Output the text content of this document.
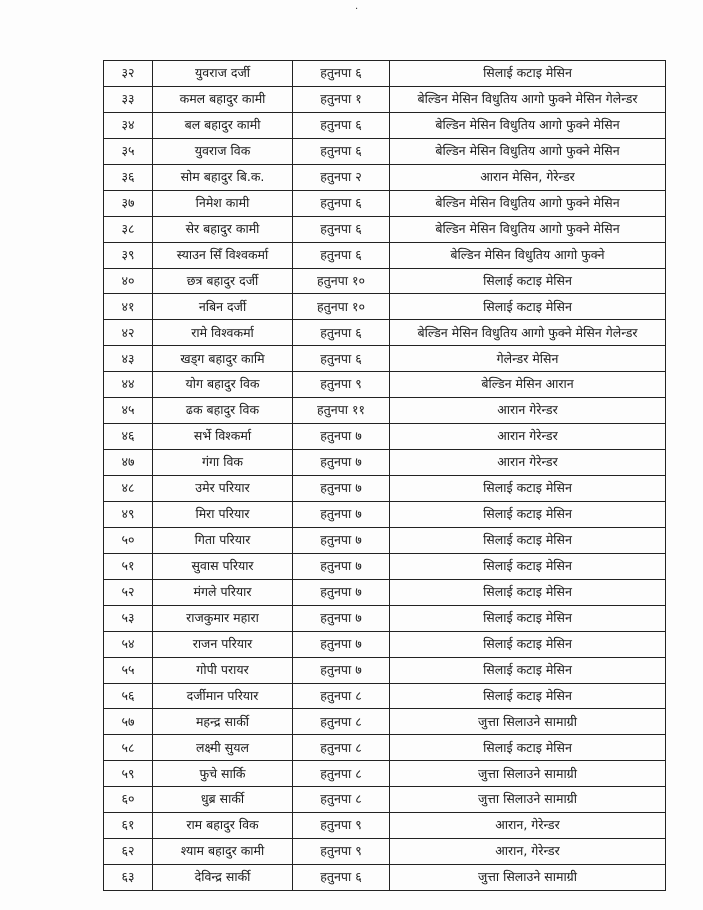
·
३२	युवराज दर्जी	हतुनपा ६	सिलाई कटाइ मेसिन
३३	कमल बहादुर कामी	हतुनपा १	बेल्डिन मेसिन विधुतिय आगो फुक्ने मेसिन गेलेन्डर
३४	बल बहादुर कामी	हतुनपा ६	बेल्डिन मेसिन विधुतिय आगो फुक्ने मेसिन
३५	युवराज विक	हतुनपा ६	बेल्डिन मेसिन विधुतिय आगो फुक्ने मेसिन
३६	सोम बहादुर बि.क.	हतुनपा २	आरान मेसिन, गेरेन्डर
३७	निमेश कामी	हतुनपा ६	बेल्डिन मेसिन विधुतिय आगो फुक्ने मेसिन
३८	सेर बहादुर कामी	हतुनपा ६	बेल्डिन मेसिन विधुतिय आगो फुक्ने मेसिन
३९	स्याउन सिँ विश्वकर्मा	हतुनपा ६	बेल्डिन मेसिन विधुतिय आगो फुक्ने
४०	छत्र बहादुर दर्जी	हतुनपा १०	सिलाई कटाइ मेसिन
४१	नबिन दर्जी	हतुनपा १०	सिलाई कटाइ मेसिन
४२	रामे विश्वकर्मा	हतुनपा ६	बेल्डिन मेसिन विधुतिय आगो फुक्ने मेसिन गेलेन्डर
४३	खड्ग बहादुर कामि	हतुनपा ६	गेलेन्डर मेसिन
४४	योग बहादुर विक	हतुनपा ९	बेल्डिन मेसिन आरान
४५	ढक बहादुर विक	हतुनपा ११	आरान गेरेन्डर
४६	सर्भे विश्कर्मा	हतुनपा ७	आरान गेरेन्डर
४७	गंगा विक	हतुनपा ७	आरान गेरेन्डर
४८	उमेर परियार	हतुनपा ७	सिलाई कटाइ मेसिन
४९	मिरा परियार	हतुनपा ७	सिलाई कटाइ मेसिन
५०	गिता परियार	हतुनपा ७	सिलाई कटाइ मेसिन
५१	सुवास परियार	हतुनपा ७	सिलाई कटाइ मेसिन
५२	मंगले परियार	हतुनपा ७	सिलाई कटाइ मेसिन
५३	राजकुमार महारा	हतुनपा ७	सिलाई कटाइ मेसिन
५४	राजन परियार	हतुनपा ७	सिलाई कटाइ मेसिन
५५	गोपी परायर	हतुनपा ७	सिलाई कटाइ मेसिन
५६	दर्जीमान परियार	हतुनपा ८	सिलाई कटाइ मेसिन
५७	महन्द्र सार्की	हतुनपा ८	जुत्ता सिलाउने सामाग्री
५८	लक्ष्मी सुयल	हतुनपा ८	सिलाई कटाइ मेसिन
५९	फुचे सार्कि	हतुनपा ८	जुत्ता सिलाउने सामाग्री
६०	धुब्र सार्की	हतुनपा ८	जुत्ता सिलाउने सामाग्री
६१	राम बहादुर विक	हतुनपा ९	आरान, गेरेन्डर
६२	श्याम बहादुर कामी	हतुनपा ९	आरान, गेरेन्डर
६३	देविन्द्र सार्की	हतुनपा ६	जुत्ता सिलाउने सामाग्री
